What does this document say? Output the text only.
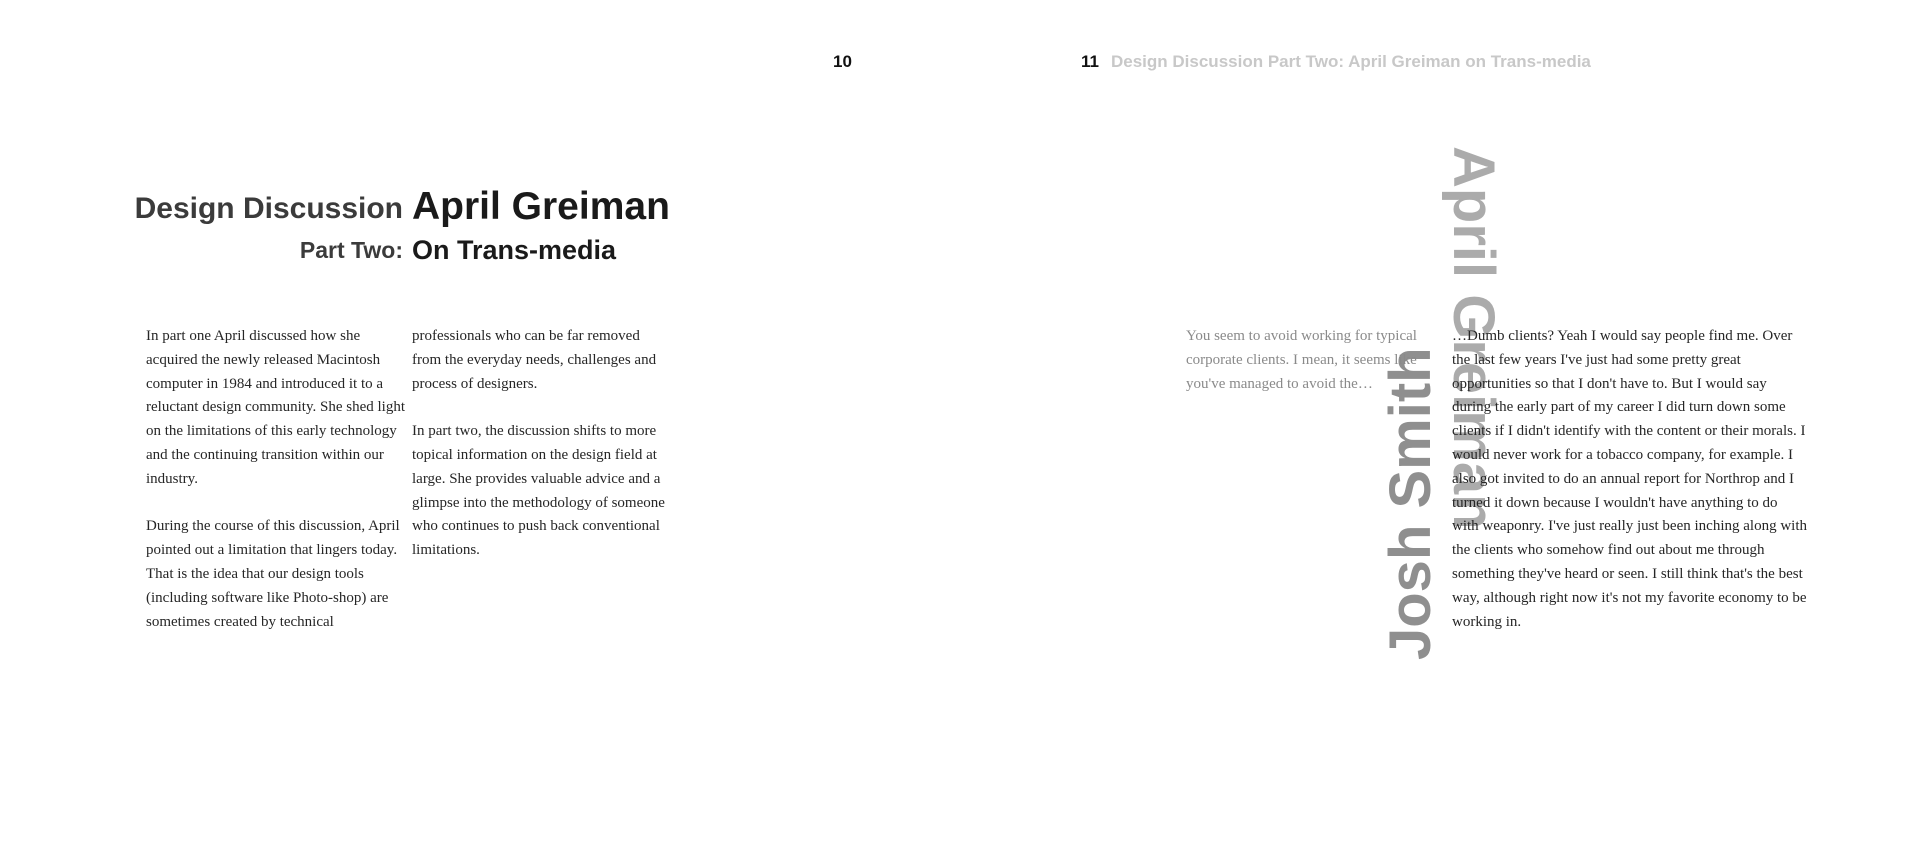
10	11 Design Discussion Part Two: April Greiman on Trans-media
Design Discussion
Part Two:
April Greiman
On Trans-media

In part one April discussed how she acquired the newly released Macintosh computer in 1984 and introduced it to a reluctant design community. She shed light on the limitations of this early technology and the continuing transition within our industry.

During the course of this discussion, April pointed out a limitation that lingers today. That is the idea that our design tools (including software like Photo-shop) are sometimes created by technical

professionals who can be far removed from the everyday needs, challenges and process of designers.

In part two, the discussion shifts to more topical information on the design field at large. She provides valuable advice and a glimpse into the methodology of someone who continues to push back conventional limitations.	Josh Smith
April Greiman
You seem to avoid working for typical corporate clients. I mean, it seems like you've managed to avoid the…
…Dumb clients? Yeah I would say people find me. Over the last few years I've just had some pretty great opportunities so that I don't have to. But I would say during the early part of my career I did turn down some clients if I didn't identify with the content or their morals. I would never work for a tobacco company, for example. I also got invited to do an annual report for Northrop and I turned it down because I wouldn't have anything to do with weaponry. I've just really just been inching along with the clients who somehow find out about me through something they've heard or seen. I still think that's the best way, although right now it's not my favorite economy to be working in.
